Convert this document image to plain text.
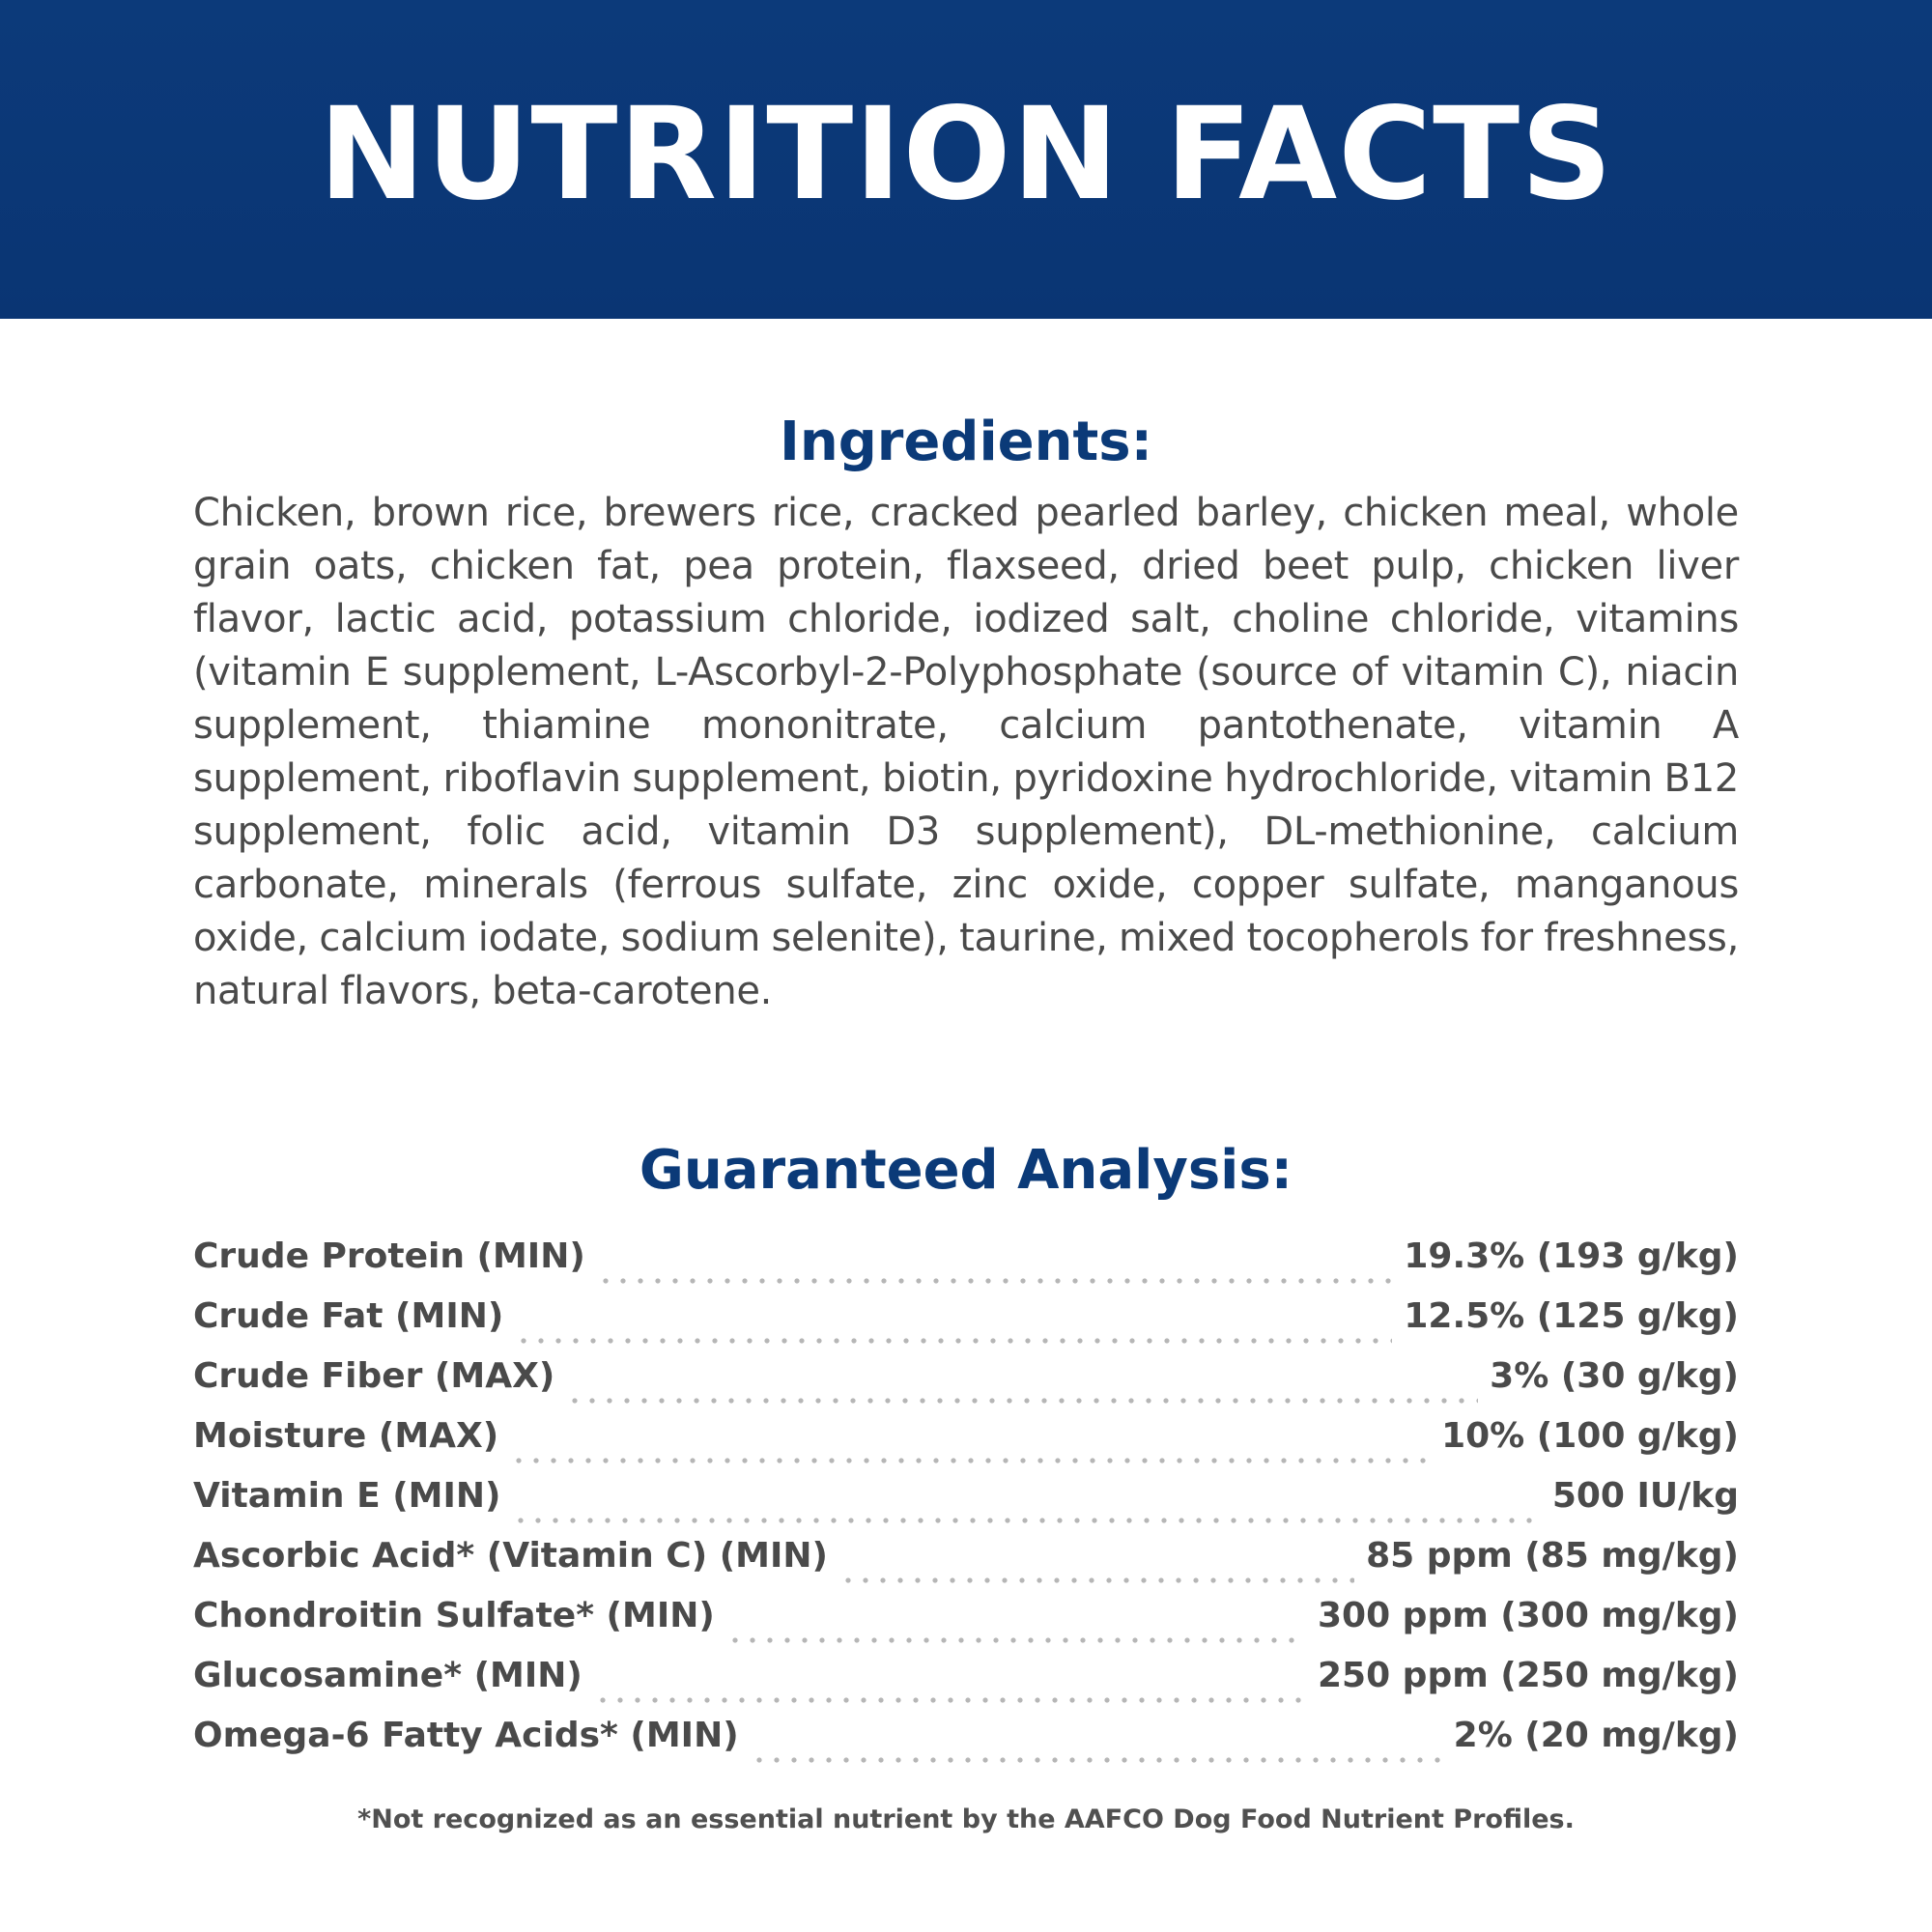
NUTRITION FACTS
Ingredients:

Chicken, brown rice, brewers rice, cracked pearled barley, chicken meal, whole grain oats, chicken fat, pea protein, flaxseed, dried beet pulp, chicken liver flavor, lactic acid, potassium chloride, iodized salt, choline chloride, vitamins (vitamin E supplement, L-Ascorbyl-2-Polyphosphate (source of vitamin C), niacin supplement, thiamine mononitrate, calcium pantothenate, vitamin A supplement, riboflavin supplement, biotin, pyridoxine hydrochloride, vitamin B12 supplement, folic acid, vitamin D3 supplement), DL-methionine, calcium carbonate, minerals (ferrous sulfate, zinc oxide, copper sulfate, manganous oxide, calcium iodate, sodium selenite), taurine, mixed tocopherols for freshness, natural flavors, beta-carotene.

Guaranteed Analysis:
Crude Protein (MIN)	19.3% (193 g/kg)
Crude Fat (MIN)	12.5% (125 g/kg)
Crude Fiber (MAX)	3% (30 g/kg)
Moisture (MAX)	10% (100 g/kg)
Vitamin E (MIN)	500 IU/kg
Ascorbic Acid* (Vitamin C) (MIN)	85 ppm (85 mg/kg)
Chondroitin Sulfate* (MIN)	300 ppm (300 mg/kg)
Glucosamine* (MIN)	250 ppm (250 mg/kg)
Omega-6 Fatty Acids* (MIN)	2% (20 mg/kg)
*Not recognized as an essential nutrient by the AAFCO Dog Food Nutrient Profiles.
